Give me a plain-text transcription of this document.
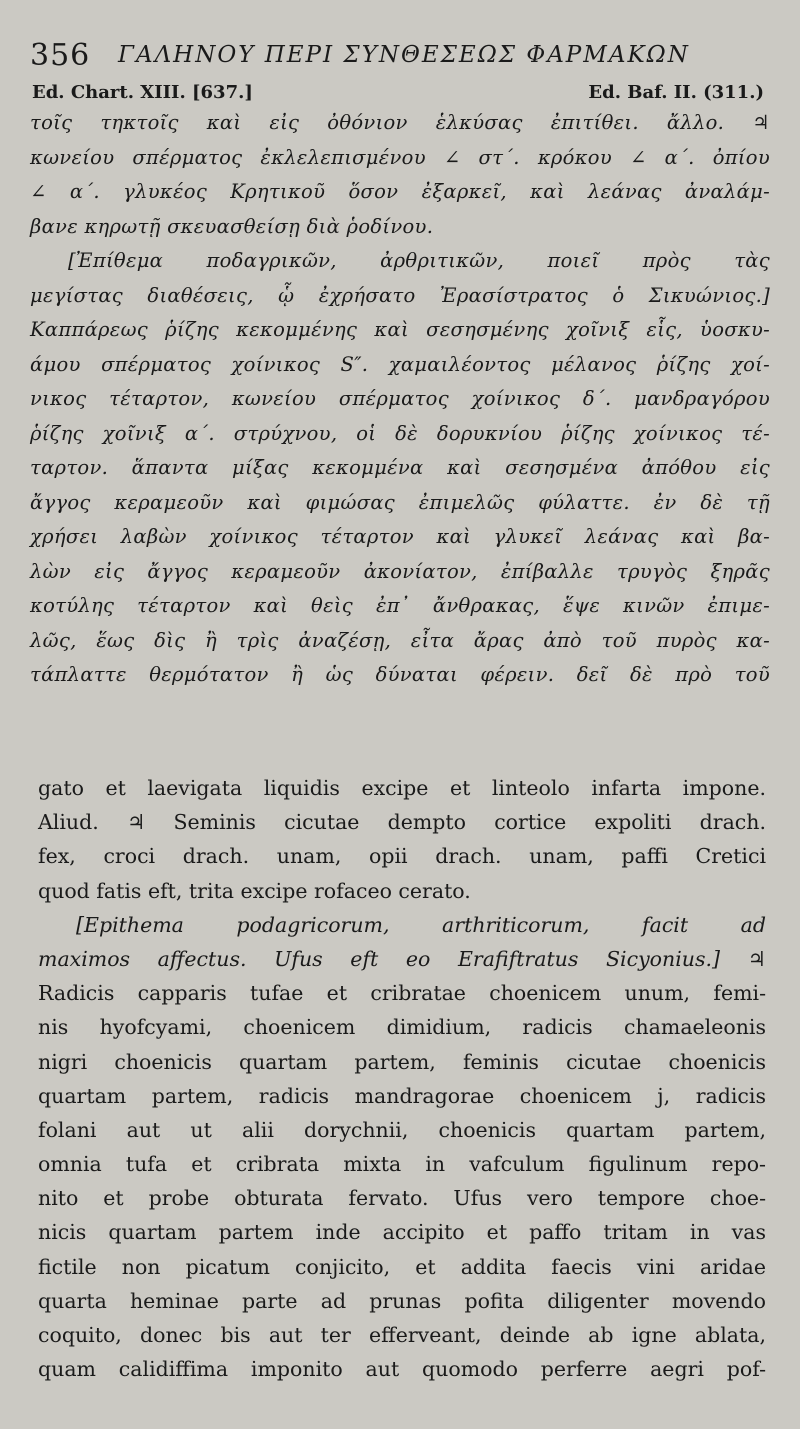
356 ΓΑΛΗΝΟΥ ΠΕΡΙ ΣΥΝΘΕΣΕΩΣ ΦΑΡΜΑΚΩΝ
Ed. Chart. XIII. [637.]	Ed. Baf. II. (311.)
τοῖς τηκτοῖς καὶ εἰς ὀθόνιον ἑλκύσας ἐπιτίθει. ἄλλο. ♃
κωνείου σπέρματος ἐκλελεπισμένου ∠ στ΄. κρόκου ∠ α΄. ὀπίου
∠ α΄. γλυκέος Κρητικοῦ ὅσον ἐξαρκεῖ, καὶ λεάνας ἀναλάμ-
βανε κηρωτῇ σκευασθείσῃ διὰ ῥοδίνου.
[Ἐπίθεμα ποδαγρικῶν, ἀρθριτικῶν, ποιεῖ πρὸς τὰς
μεγίστας διαθέσεις, ᾧ ἐχρήσατο Ἐρασίστρατος ὁ Σικυώνιος.]
Καππάρεως ῥίζης κεκομμένης καὶ σεσησμένης χοῖνιξ εἷς, ὑοσκυ-
άμου σπέρματος χοίνικος S″. χαμαιλέοντος μέλανος ῥίζης χοί-
νικος τέταρτον, κωνείου σπέρματος χοίνικος δ΄. μανδραγόρου
ῥίζης χοῖνιξ α΄. στρύχνου, οἱ δὲ δορυκνίου ῥίζης χοίνικος τέ-
ταρτον. ἅπαντα μίξας κεκομμένα καὶ σεσησμένα ἀπόθου εἰς
ἄγγος κεραμεοῦν καὶ φιμώσας ἐπιμελῶς φύλαττε. ἐν δὲ τῇ
χρήσει λαβὼν χοίνικος τέταρτον καὶ γλυκεῖ λεάνας καὶ βα-
λὼν εἰς ἄγγος κεραμεοῦν ἀκονίατον, ἐπίβαλλε τρυγὸς ξηρᾶς
κοτύλης τέταρτον καὶ θεὶς ἐπ᾽ ἄνθρακας, ἕψε κινῶν ἐπιμε-
λῶς, ἕως δὶς ἢ τρὶς ἀναζέσῃ, εἶτα ἄρας ἀπὸ τοῦ πυρὸς κα-
τάπλαττε θερμότατον ἢ ὡς δύναται φέρειν. δεῖ δὲ πρὸ τοῦ
gato et laevigata liquidis excipe et linteolo infarta impone.
Aliud. ♃ Seminis cicutae dempto cortice expoliti drach.
fex, croci drach. unam, opii drach. unam, paffi Cretici
quod fatis eft, trita excipe rofaceo cerato.
[Epithema podagricorum, arthriticorum, facit ad
maximos affectus. Ufus eft eo Erafiftratus Sicyonius.] ♃
Radicis capparis tufae et cribratae choenicem unum, femi-
nis hyofcyami, choenicem dimidium, radicis chamaeleonis
nigri choenicis quartam partem, feminis cicutae choenicis
quartam partem, radicis mandragorae choenicem j, radicis
folani aut ut alii dorychnii, choenicis quartam partem,
omnia tufa et cribrata mixta in vafculum figulinum repo-
nito et probe obturata fervato. Ufus vero tempore choe-
nicis quartam partem inde accipito et paffo tritam in vas
fictile non picatum conjicito, et addita faecis vini aridae
quarta heminae parte ad prunas pofita diligenter movendo
coquito, donec bis aut ter efferveant, deinde ab igne ablata,
quam calidiffima imponito aut quomodo perferre aegri pof-
